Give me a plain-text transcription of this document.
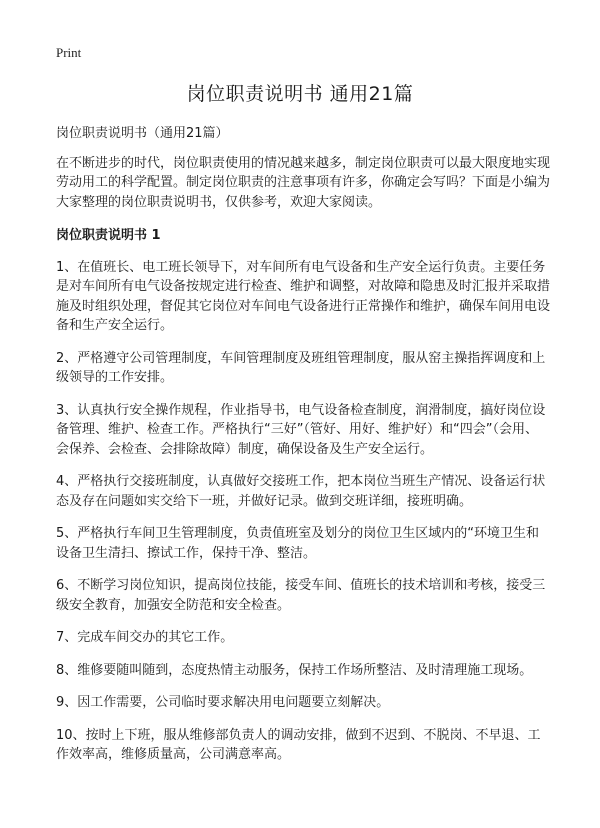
Print
岗位职责说明书 通用21篇

岗位职责说明书（通用21篇）

在不断进步的时代，岗位职责使用的情况越来越多，制定岗位职责可以最大限度地实现劳动用工的科学配置。制定岗位职责的注意事项有许多，你确定会写吗？下面是小编为大家整理的岗位职责说明书，仅供参考，欢迎大家阅读。

岗位职责说明书 1

1、在值班长、电工班长领导下，对车间所有电气设备和生产安全运行负责。主要任务是对车间所有电气设备按规定进行检查、维护和调整，对故障和隐患及时汇报并采取措施及时组织处理，督促其它岗位对车间电气设备进行正常操作和维护，确保车间用电设备和生产安全运行。

2、严格遵守公司管理制度，车间管理制度及班组管理制度，服从窑主操指挥调度和上级领导的工作安排。

3、认真执行安全操作规程，作业指导书，电气设备检查制度，润滑制度，搞好岗位设备管理、维护、检查工作。严格执行“三好”（管好、用好、维护好）和“四会”（会用、会保养、会检查、会排除故障）制度，确保设备及生产安全运行。

4、严格执行交接班制度，认真做好交接班工作，把本岗位当班生产情况、设备运行状态及存在问题如实交给下一班，并做好记录。做到交班详细，接班明确。

5、严格执行车间卫生管理制度，负责值班室及划分的岗位卫生区域内的“环境卫生和设备卫生清扫、擦试工作，保持干净、整洁。

6、不断学习岗位知识，提高岗位技能，接受车间、值班长的技术培训和考核，接受三级安全教育，加强安全防范和安全检查。

7、完成车间交办的其它工作。

8、维修要随叫随到，态度热情主动服务，保持工作场所整洁、及时清理施工现场。

9、因工作需要，公司临时要求解决用电问题要立刻解决。

10、按时上下班，服从维修部负责人的调动安排，做到不迟到、不脱岗、不早退、工作效率高，维修质量高，公司满意率高。
